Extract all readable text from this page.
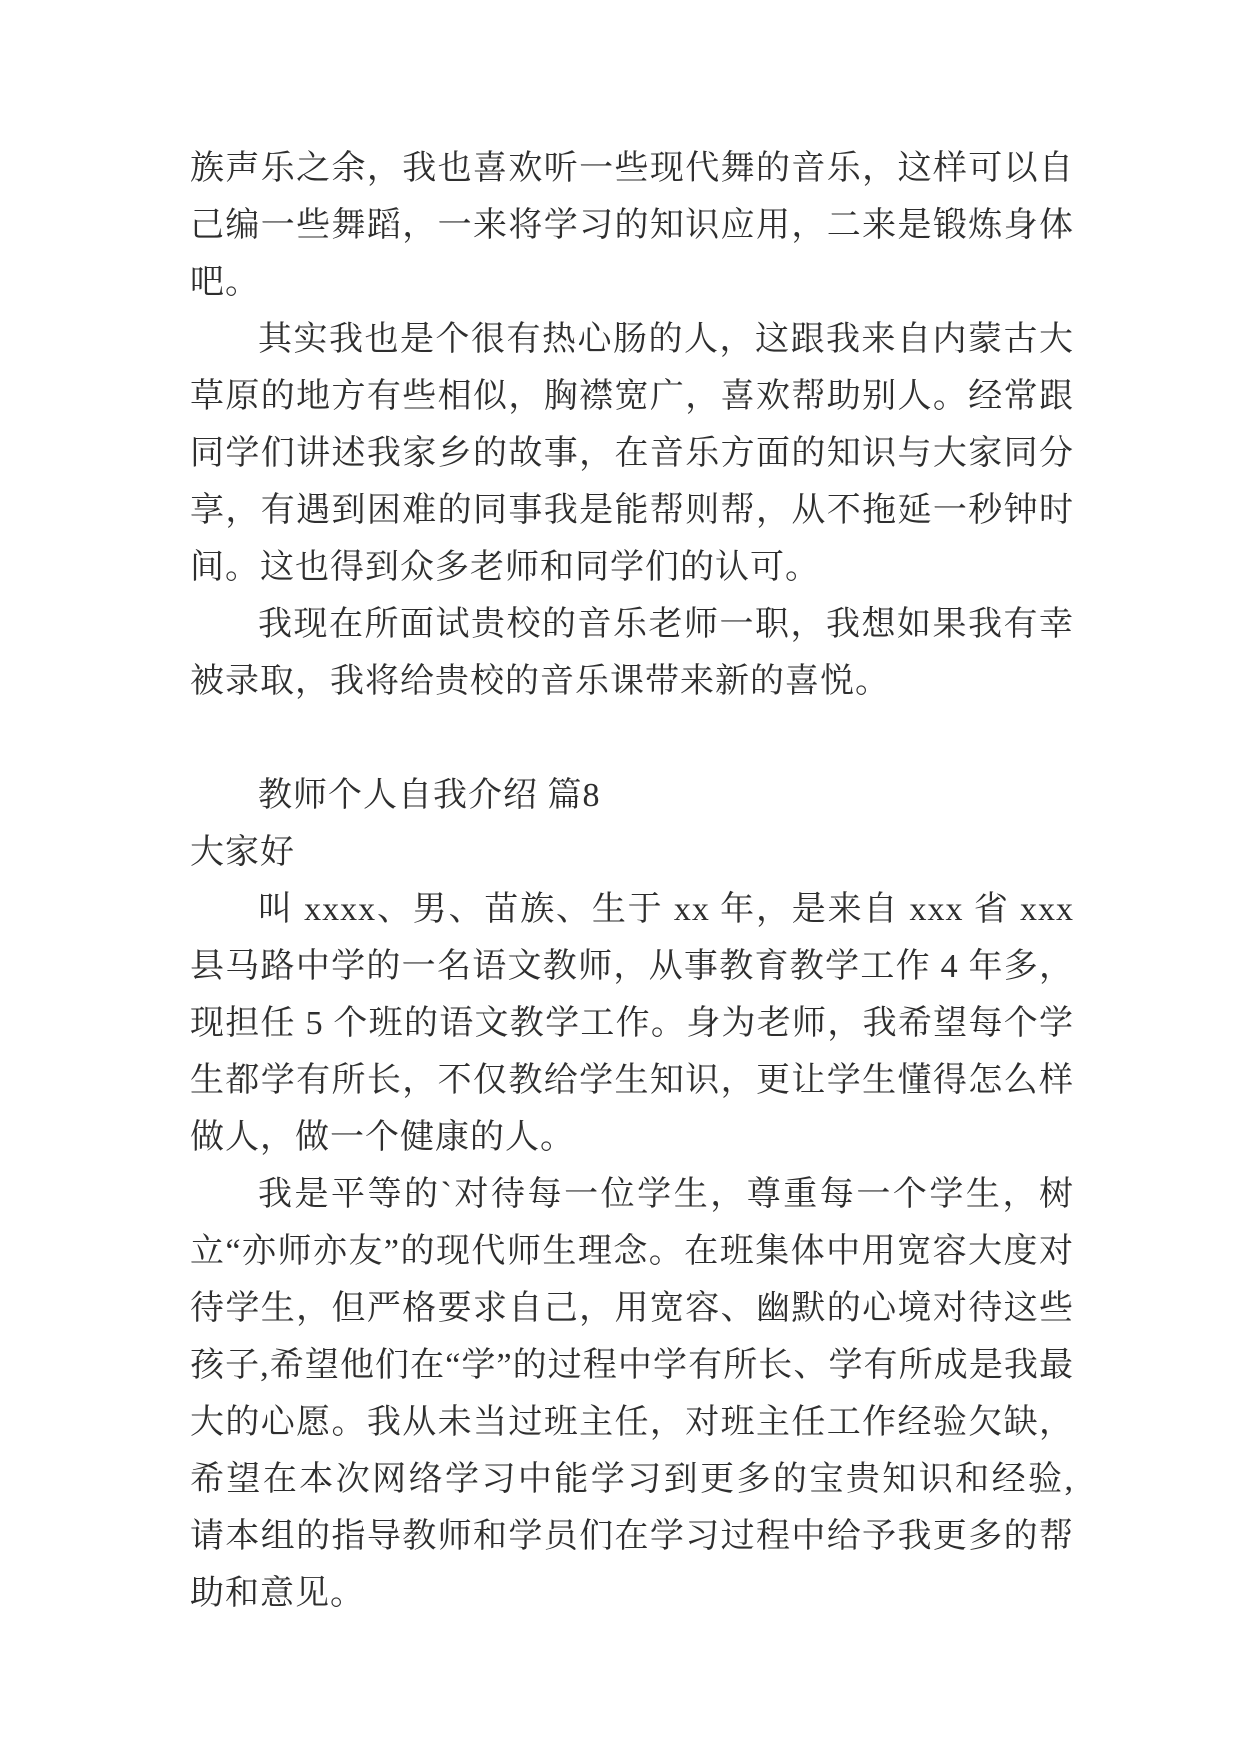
族声乐之余，我也喜欢听一些现代舞的音乐，这样可以自己编一些舞蹈，一来将学习的知识应用，二来是锻炼身体吧。

其实我也是个很有热心肠的人，这跟我来自内蒙古大草原的地方有些相似，胸襟宽广，喜欢帮助别人。经常跟同学们讲述我家乡的故事，在音乐方面的知识与大家同分享，有遇到困难的同事我是能帮则帮，从不拖延一秒钟时间。这也得到众多老师和同学们的认可。

我现在所面试贵校的音乐老师一职，我想如果我有幸被录取，我将给贵校的音乐课带来新的喜悦。

教师个人自我介绍 篇8

大家好

叫 xxxx、男、苗族、生于 xx 年，是来自 xxx 省 xxx 县马路中学的一名语文教师，从事教育教学工作 4 年多，现担任 5 个班的语文教学工作。身为老师，我希望每个学生都学有所长，不仅教给学生知识，更让学生懂得怎么样做人，做一个健康的人。

我是平等的`对待每一位学生，尊重每一个学生，树立“亦师亦友”的现代师生理念。在班集体中用宽容大度对待学生，但严格要求自己，用宽容、幽默的心境对待这些孩子,希望他们在“学”的过程中学有所长、学有所成是我最大的心愿。我从未当过班主任，对班主任工作经验欠缺，希望在本次网络学习中能学习到更多的宝贵知识和经验,请本组的指导教师和学员们在学习过程中给予我更多的帮助和意见。
